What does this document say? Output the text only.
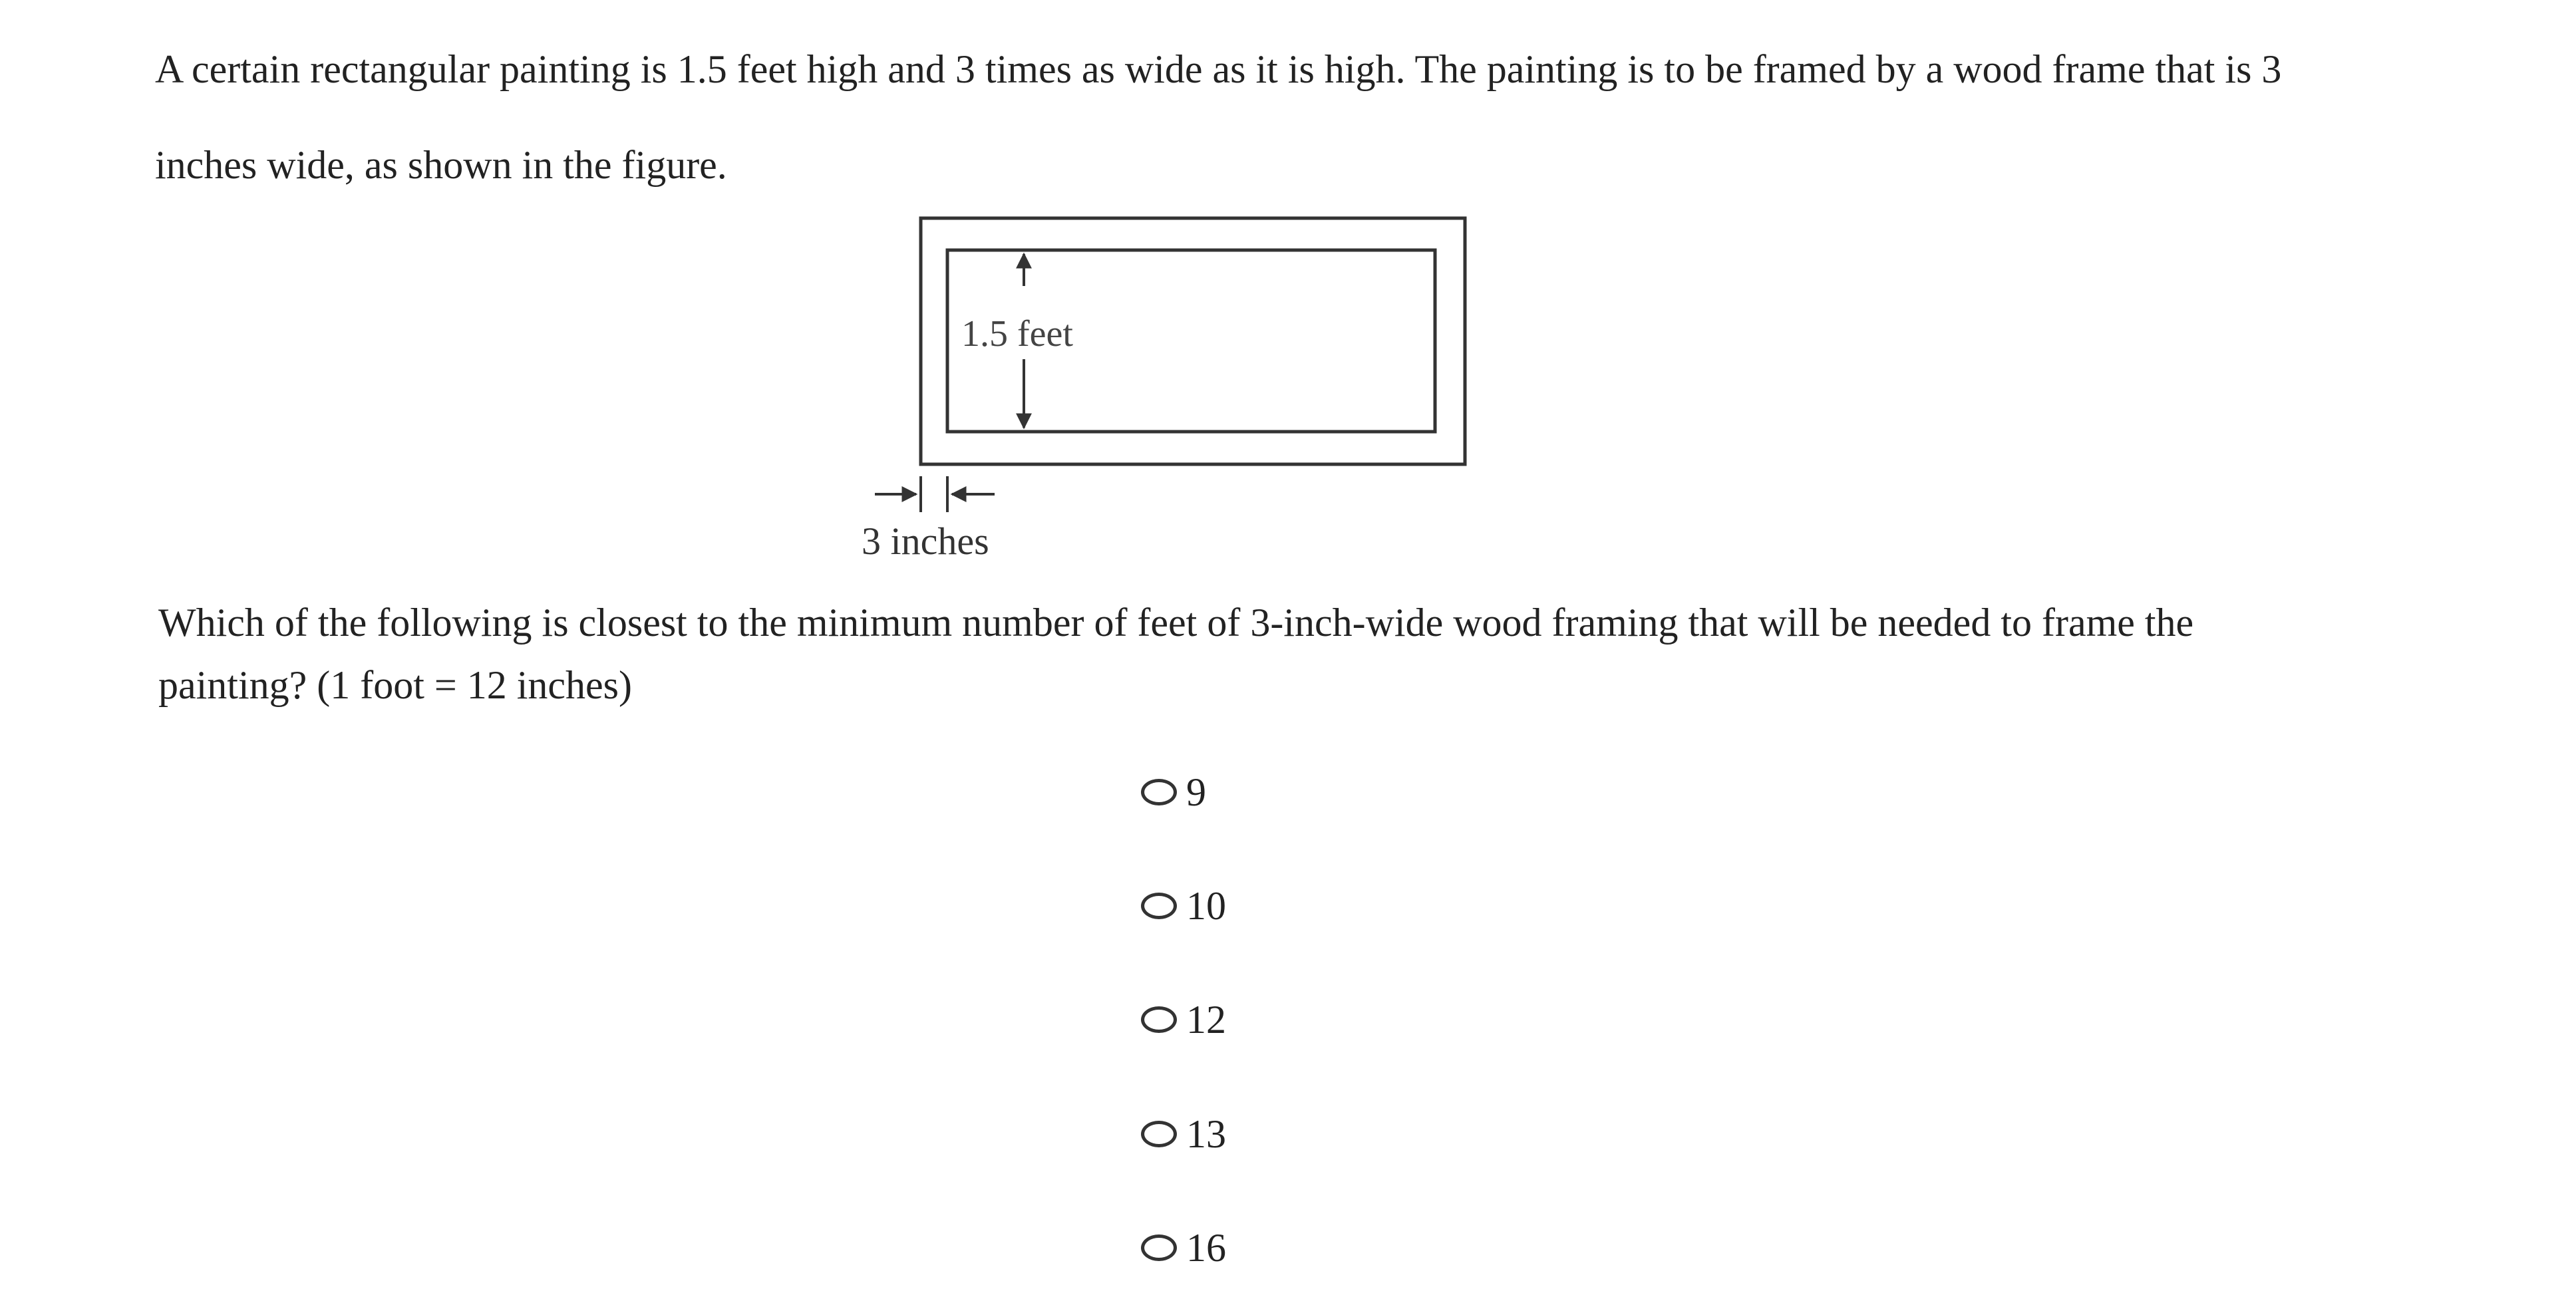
A certain rectangular painting is 1.5 feet high and 3 times as wide as it is high. The painting is to be framed by a wood frame that is 3

inches wide, as shown in the figure.

1.5 feet
3 inches

Which of the following is closest to the minimum number of feet of 3-inch-wide wood framing that will be needed to frame the

painting? (1 foot = 12 inches)

9
10
12
13
16
